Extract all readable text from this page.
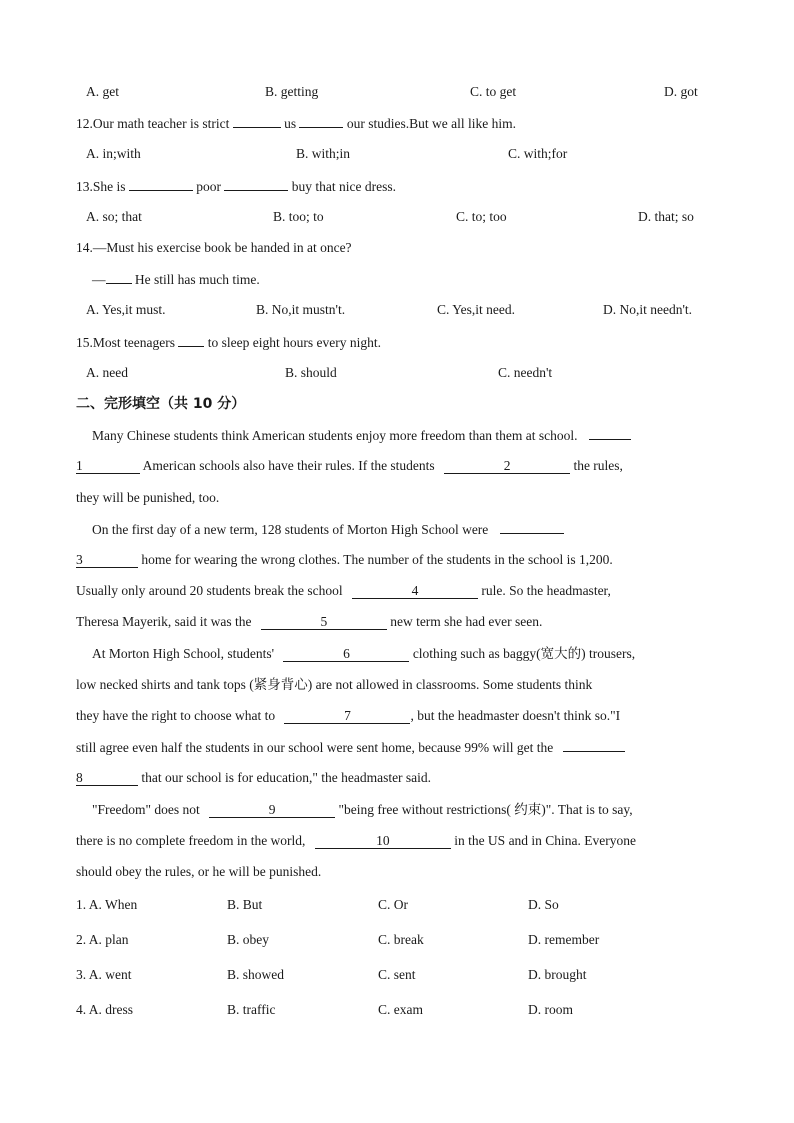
A. get	B. getting	C. to get	D. got
12.Our math teacher is strict	us	our studies.But we all like him.
A. in;with	B. with;in	C. with;for
13.She is	poor	buy that nice dress.
A. so; that	B. too; to	C. to; too	D. that; so
14.—Must his exercise book be handed in at once?
— He still has much time.
A. Yes,it must.	B. No,it mustn't.	C. Yes,it need.	D. No,it needn't.
15.Most teenagers to sleep eight hours every night.
A. need	B. should	C. needn't
二、完形填空（共 10 分）
Many Chinese students think American students enjoy more freedom than them at school.
1	American schools also have their rules. If the students	2	the rules,
they will be punished, too.
On the first day of a new term, 128 students of Morton High School were
3	home for wearing the wrong clothes. The number of the students in the school is 1,200.
Usually only around 20 students break the school	4	rule. So the headmaster,
Theresa Mayerik, said it was the	5	new term she had ever seen.
At Morton High School, students'	6	clothing such as baggy(宽大的) trousers,
low necked shirts and tank tops (紧身背心) are not allowed in classrooms. Some students think
they have the right to choose what to	7	, but the headmaster doesn't think so."I
still agree even half the students in our school were sent home, because 99% will get the
8	that our school is for education," the headmaster said.
"Freedom" does not	9	"being free without restrictions( 约束)". That is to say,
there is no complete freedom in the world,	10	in the US and in China. Everyone
should obey the rules, or he will be punished.
1. A. When	B. But	C. Or	D. So
2. A. plan	B. obey	C. break	D. remember
3. A. went	B. showed	C. sent	D. brought
4. A. dress	B. traffic	C. exam	D. room
